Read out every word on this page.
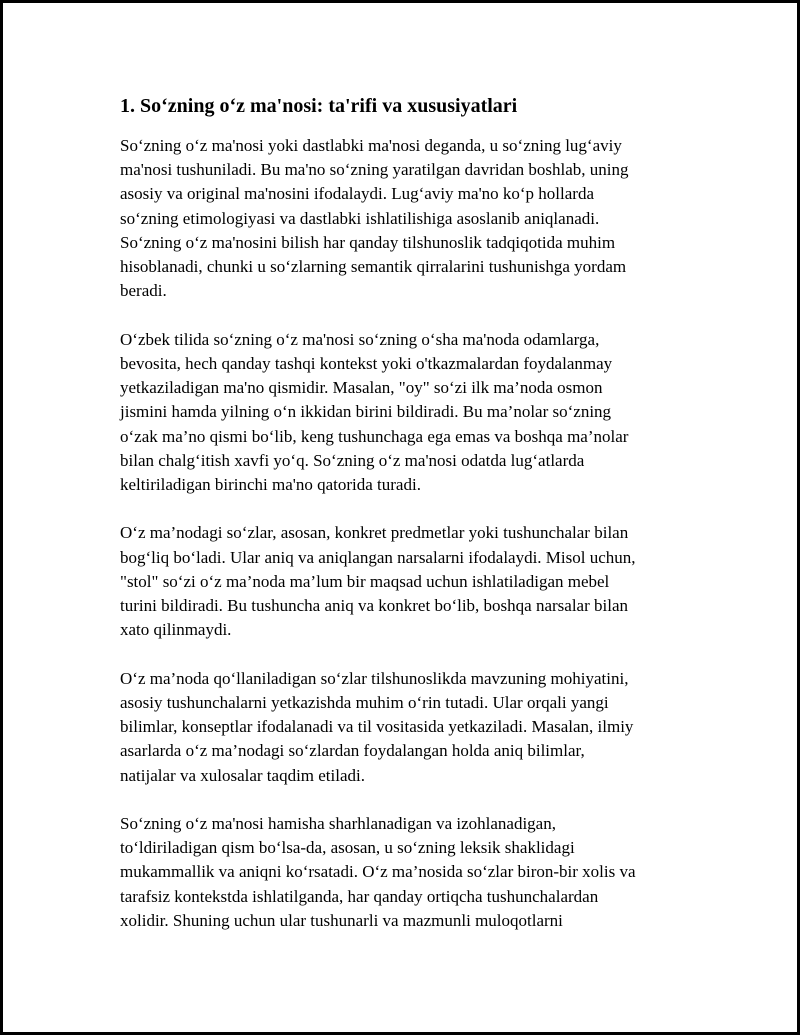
1. So‘zning o‘z ma'nosi: ta'rifi va xususiyatlari

So‘zning o‘z ma'nosi yoki dastlabki ma'nosi deganda, u so‘zning lug‘aviy
ma'nosi tushuniladi. Bu ma'no so‘zning yaratilgan davridan boshlab, uning
asosiy va original ma'nosini ifodalaydi. Lug‘aviy ma'no ko‘p hollarda
so‘zning etimologiyasi va dastlabki ishlatilishiga asoslanib aniqlanadi.
So‘zning o‘z ma'nosini bilish har qanday tilshunoslik tadqiqotida muhim
hisoblanadi, chunki u so‘zlarning semantik qirralarini tushunishga yordam
beradi.

O‘zbek tilida so‘zning o‘z ma'nosi so‘zning o‘sha ma'noda odamlarga,
bevosita, hech qanday tashqi kontekst yoki o'tkazmalardan foydalanmay
yetkaziladigan ma'no qismidir. Masalan, "oy" so‘zi ilk ma’noda osmon
jismini hamda yilning o‘n ikkidan birini bildiradi. Bu ma’nolar so‘zning
o‘zak ma’no qismi bo‘lib, keng tushunchaga ega emas va boshqa ma’nolar
bilan chalg‘itish xavfi yo‘q. So‘zning o‘z ma'nosi odatda lug‘atlarda
keltiriladigan birinchi ma'no qatorida turadi.

O‘z ma’nodagi so‘zlar, asosan, konkret predmetlar yoki tushunchalar bilan
bog‘liq bo‘ladi. Ular aniq va aniqlangan narsalarni ifodalaydi. Misol uchun,
"stol" so‘zi o‘z ma’noda ma’lum bir maqsad uchun ishlatiladigan mebel
turini bildiradi. Bu tushuncha aniq va konkret bo‘lib, boshqa narsalar bilan
xato qilinmaydi.

O‘z ma’noda qo‘llaniladigan so‘zlar tilshunoslikda mavzuning mohiyatini,
asosiy tushunchalarni yetkazishda muhim o‘rin tutadi. Ular orqali yangi
bilimlar, konseptlar ifodalanadi va til vositasida yetkaziladi. Masalan, ilmiy
asarlarda o‘z ma’nodagi so‘zlardan foydalangan holda aniq bilimlar,
natijalar va xulosalar taqdim etiladi.

So‘zning o‘z ma'nosi hamisha sharhlanadigan va izohlanadigan,
to‘ldiriladigan qism bo‘lsa-da, asosan, u so‘zning leksik shaklidagi
mukammallik va aniqni ko‘rsatadi. O‘z ma’nosida so‘zlar biron-bir xolis va
tarafsiz kontekstda ishlatilganda, har qanday ortiqcha tushunchalardan
xolidir. Shuning uchun ular tushunarli va mazmunli muloqotlarni
